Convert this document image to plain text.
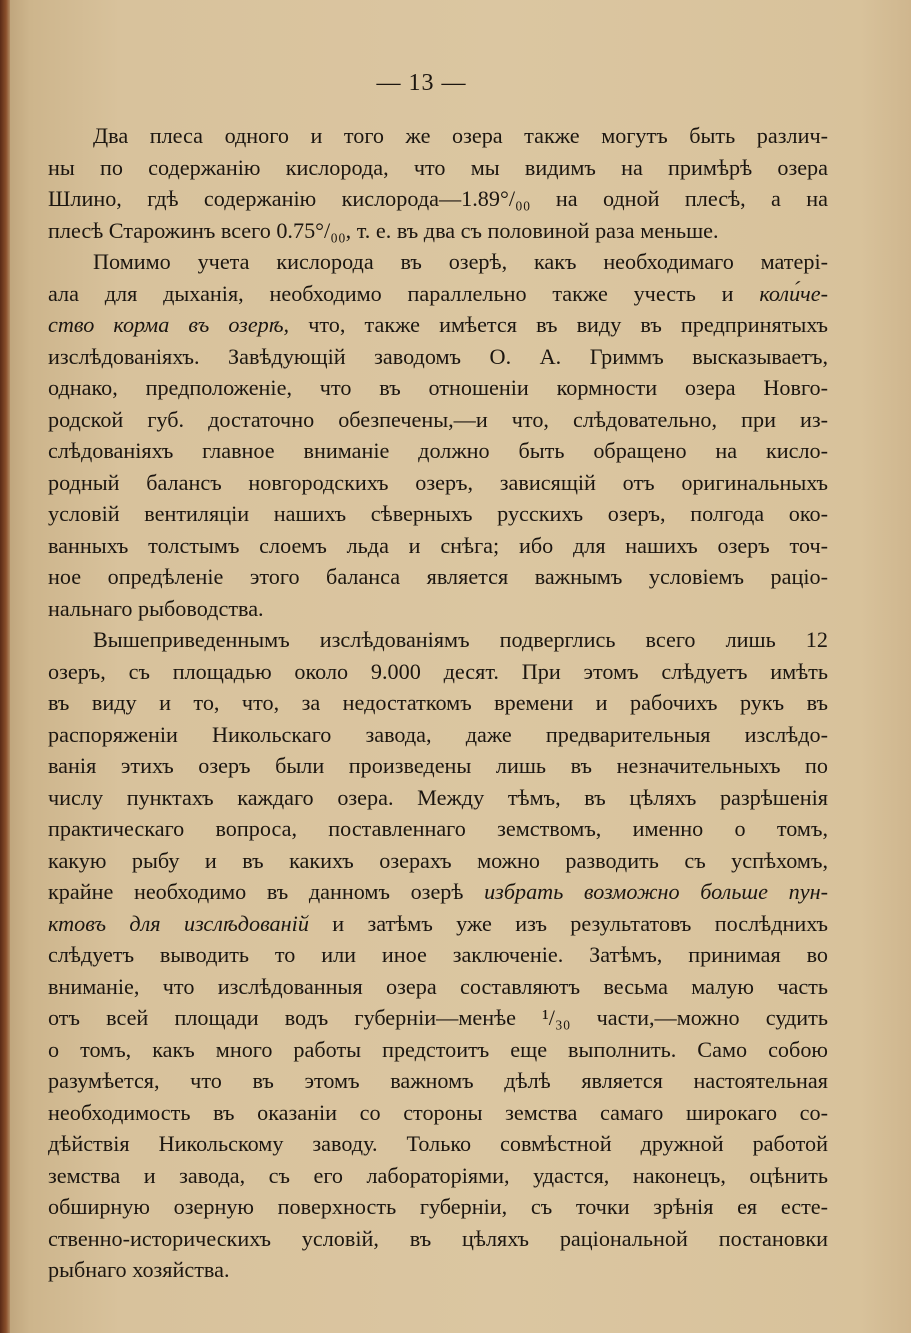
— 13 —
Два плеса одного и того же озера также могутъ быть различ-
ны по содержанію кислорода, что мы видимъ на примѣрѣ озера
Шлино, гдѣ содержанію кислорода—1.89°/₀₀ на одной плесѣ, а на
плесѣ Старожинъ всего 0.75°/₀₀, т. е. въ два съ половиной раза меньше.
Помимо учета кислорода въ озерѣ, какъ необходимаго матері-
ала для дыханія, необходимо параллельно также учесть и коли́че-
ство корма въ озерѣ, что, также имѣется въ виду въ предпринятыхъ
изслѣдованіяхъ. Завѣдующій заводомъ О. А. Гриммъ высказываетъ,
однако, предположеніе, что въ отношеніи кормности озера Новго-
родской губ. достаточно обезпечены,—и что, слѣдовательно, при из-
слѣдованіяхъ главное вниманіе должно быть обращено на кисло-
родный балансъ новгородскихъ озеръ, зависящій отъ оригинальныхъ
условій вентиляціи нашихъ сѣверныхъ русскихъ озеръ, полгода око-
ванныхъ толстымъ слоемъ льда и снѣга; ибо для нашихъ озеръ точ-
ное опредѣленіе этого баланса является важнымъ условіемъ раціо-
нальнаго рыбоводства.
Вышеприведеннымъ изслѣдованіямъ подверглись всего лишь 12
озеръ, съ площадью около 9.000 десят. При этомъ слѣдуетъ имѣть
въ виду и то, что, за недостаткомъ времени и рабочихъ рукъ въ
распоряженіи Никольскаго завода, даже предварительныя изслѣдо-
ванія этихъ озеръ были произведены лишь въ незначительныхъ по
числу пунктахъ каждаго озера. Между тѣмъ, въ цѣляхъ разрѣшенія
практическаго вопроса, поставленнаго земствомъ, именно о томъ,
какую рыбу и въ какихъ озерахъ можно разводить съ успѣхомъ,
крайне необходимо въ данномъ озерѣ избрать возможно больше пун-
ктовъ для изслѣдованій и затѣмъ уже изъ результатовъ послѣднихъ
слѣдуетъ выводить то или иное заключеніе. Затѣмъ, принимая во
вниманіе, что изслѣдованныя озера составляютъ весьма малую часть
отъ всей площади водъ губерніи—менѣе ¹/₃₀ части,—можно судить
о томъ, какъ много работы предстоитъ еще выполнить. Само собою
разумѣется, что въ этомъ важномъ дѣлѣ является настоятельная
необходимость въ оказаніи со стороны земства самаго широкаго со-
дѣйствія Никольскому заводу. Только совмѣстной дружной работой
земства и завода, съ его лабораторіями, удастся, наконецъ, оцѣнить
обширную озерную поверхность губерніи, съ точки зрѣнія ея есте-
ственно-историческихъ условій, въ цѣляхъ раціональной постановки
рыбнаго хозяйства.
